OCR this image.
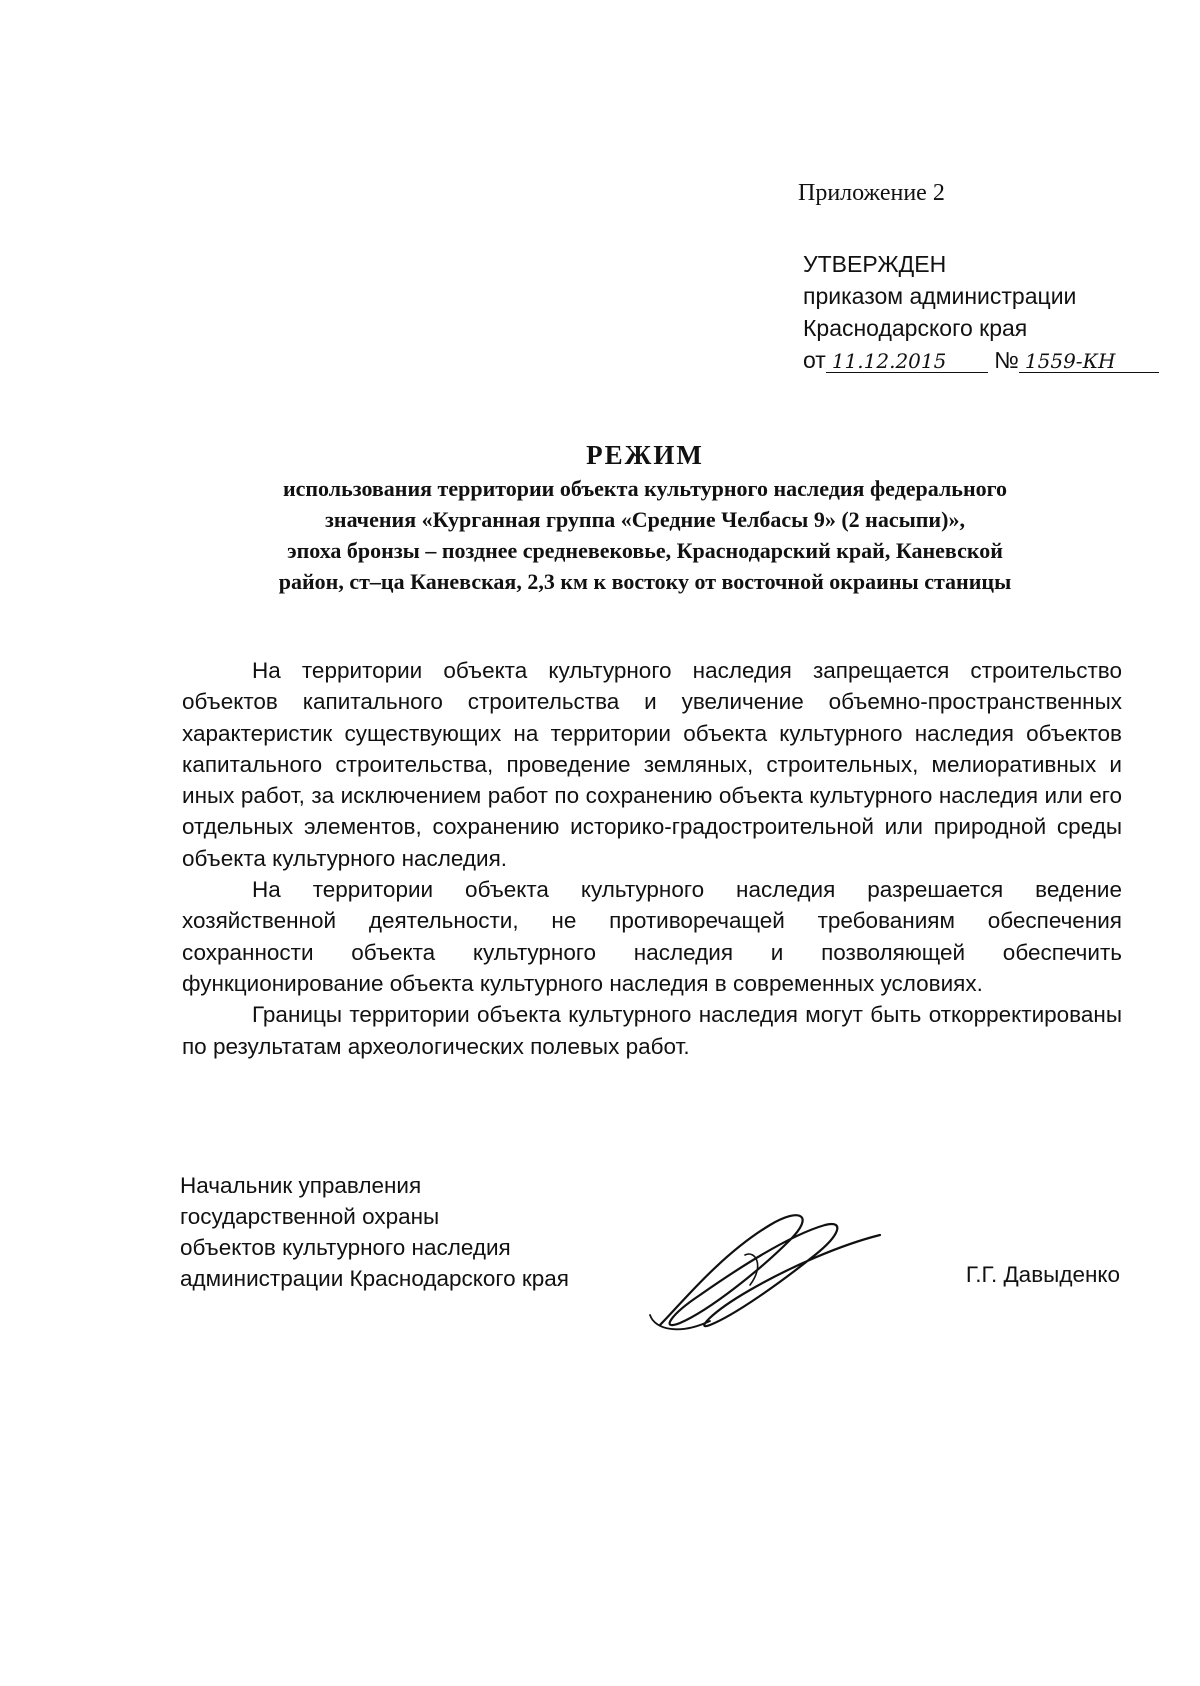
Приложение 2
УТВЕРЖДЕН
приказом администрации
Краснодарского края
от 11.12.2015 № 1559-КН
РЕЖИМ
использования территории объекта культурного наследия федерального
значения «Курганная группа «Средние Челбасы 9» (2 насыпи)»,
эпоха бронзы – позднее средневековье, Краснодарский край, Каневской
район, ст–ца Каневская, 2,3 км к востоку от восточной окраины станицы

На территории объекта культурного наследия запрещается строительство объектов капитального строительства и увеличение объемно-пространственных характеристик существующих на территории объекта культурного наследия объектов капитального строительства, проведение земляных, строительных, мелиоративных и иных работ, за исключением работ по сохранению объекта культурного наследия или его отдельных элементов, сохранению историко-градостроительной или природной среды объекта культурного наследия.

На территории объекта культурного наследия разрешается ведение хозяйственной деятельности, не противоречащей требованиям обеспечения сохранности объекта культурного наследия и позволяющей обеспечить функционирование объекта культурного наследия в современных условиях.

Границы территории объекта культурного наследия могут быть откорректированы по результатам археологических полевых работ.

Начальник управления
государственной охраны
объектов культурного наследия
администрации Краснодарского края	Г.Г. Давыденко
